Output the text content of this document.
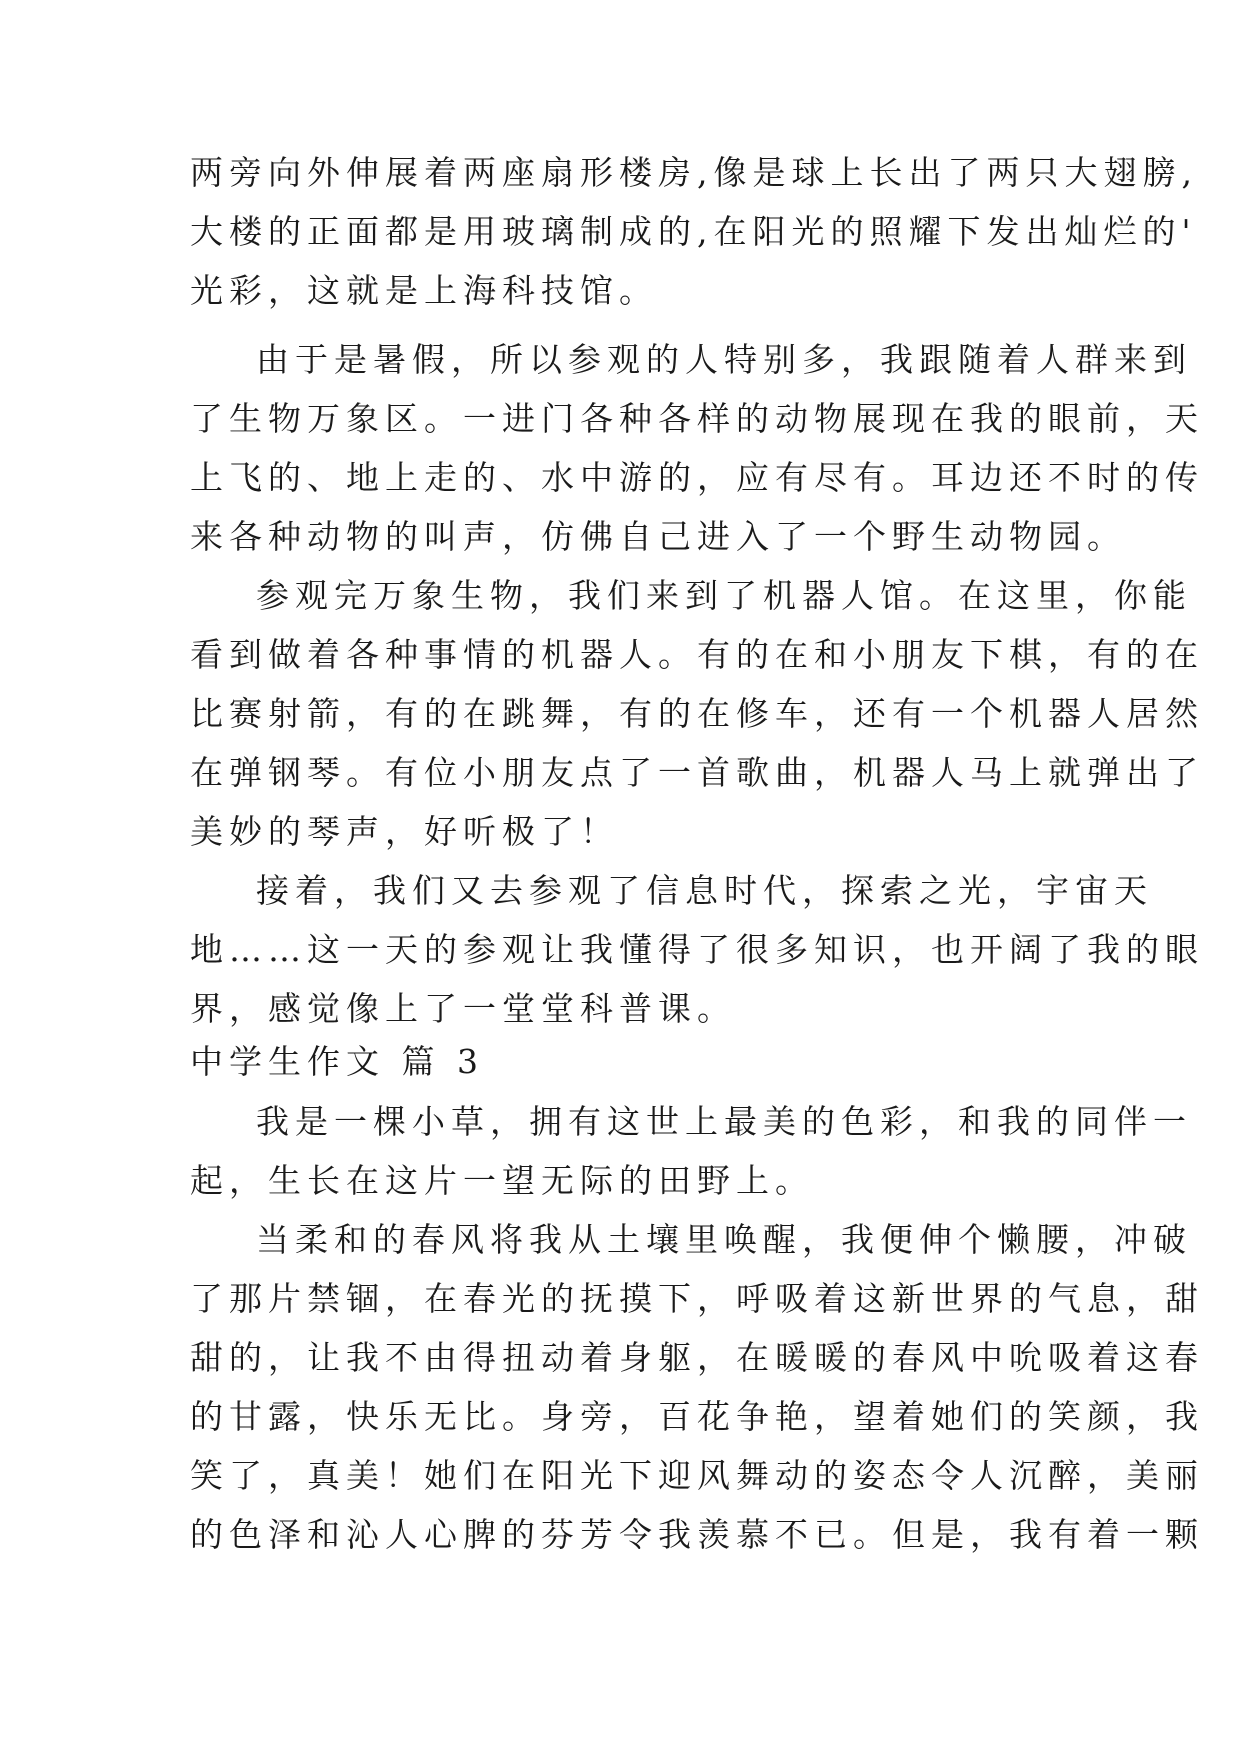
两旁向外伸展着两座扇形楼房,像是球上长出了两只大翅膀,
大楼的正面都是用玻璃制成的,在阳光的照耀下发出灿烂的'
光彩，这就是上海科技馆。
由于是暑假，所以参观的人特别多，我跟随着人群来到
了生物万象区。一进门各种各样的动物展现在我的眼前，天
上飞的、地上走的、水中游的，应有尽有。耳边还不时的传
来各种动物的叫声，仿佛自己进入了一个野生动物园。
参观完万象生物，我们来到了机器人馆。在这里，你能
看到做着各种事情的机器人。有的在和小朋友下棋，有的在
比赛射箭，有的在跳舞，有的在修车，还有一个机器人居然
在弹钢琴。有位小朋友点了一首歌曲，机器人马上就弹出了
美妙的琴声，好听极了！
接着，我们又去参观了信息时代，探索之光，宇宙天
地……这一天的参观让我懂得了很多知识，也开阔了我的眼
界，感觉像上了一堂堂科普课。
中学生作文 篇 3
我是一棵小草，拥有这世上最美的色彩，和我的同伴一
起，生长在这片一望无际的田野上。
当柔和的春风将我从土壤里唤醒，我便伸个懒腰，冲破
了那片禁锢，在春光的抚摸下，呼吸着这新世界的气息，甜
甜的，让我不由得扭动着身躯，在暖暖的春风中吮吸着这春
的甘露，快乐无比。身旁，百花争艳，望着她们的笑颜，我
笑了，真美！她们在阳光下迎风舞动的姿态令人沉醉，美丽
的色泽和沁人心脾的芬芳令我羡慕不已。但是，我有着一颗
